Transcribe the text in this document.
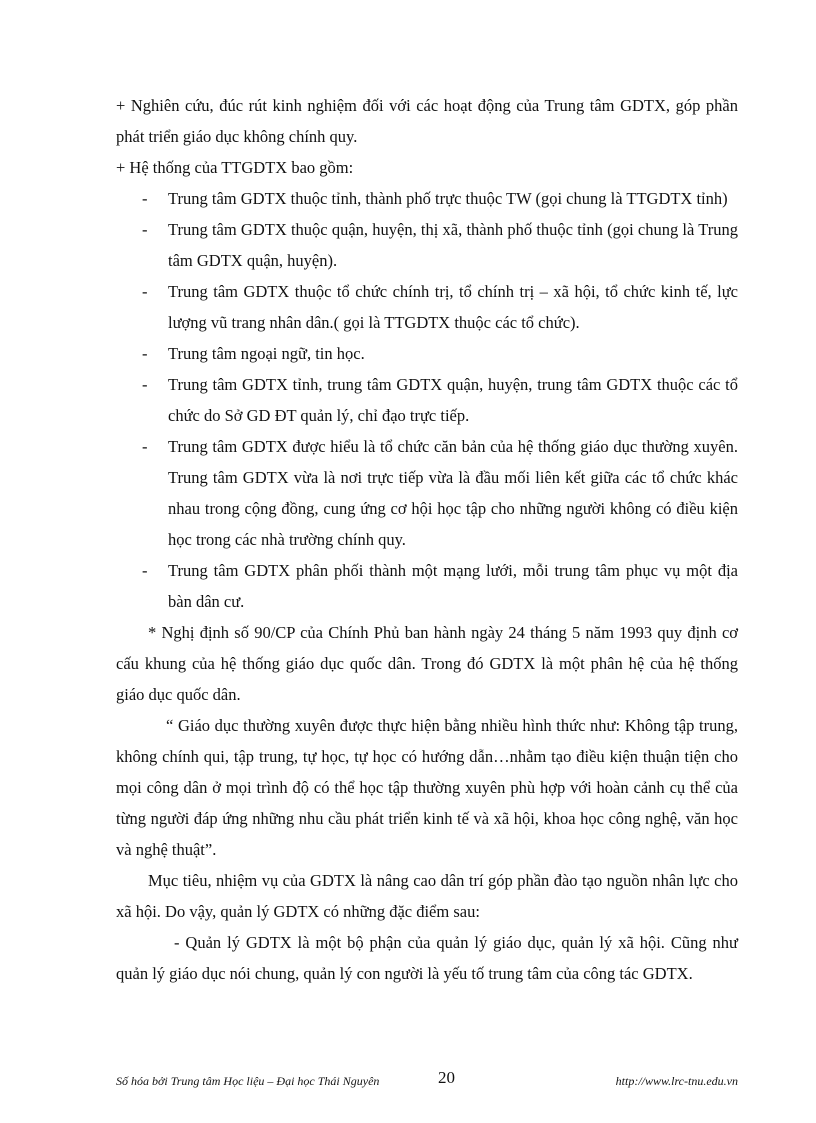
+ Nghiên cứu, đúc rút kinh nghiệm đối với các hoạt động của Trung tâm GDTX, góp phần phát triển giáo dục không chính quy.

+ Hệ thống của TTGDTX bao gồm:

- Trung tâm GDTX thuộc tỉnh, thành phố trực thuộc TW (gọi chung là TTGDTX tỉnh)
- Trung tâm GDTX thuộc quận, huyện, thị xã, thành phố thuộc tỉnh (gọi chung là Trung tâm GDTX quận, huyện).
- Trung tâm GDTX thuộc tổ chức chính trị, tổ chính trị – xã hội, tổ chức kinh tế, lực lượng vũ trang nhân dân.( gọi là TTGDTX thuộc các tổ chức).
- Trung tâm ngoại ngữ, tin học.
- Trung tâm GDTX tỉnh, trung tâm GDTX quận, huyện, trung tâm GDTX thuộc các tổ chức do Sở GD ĐT quản lý, chỉ đạo trực tiếp.
- Trung tâm GDTX được hiểu là tổ chức căn bản của hệ thống giáo dục thường xuyên. Trung tâm GDTX vừa là nơi trực tiếp vừa là đầu mối liên kết giữa các tổ chức khác nhau trong cộng đồng, cung ứng cơ hội học tập cho những người không có điều kiện học trong các nhà trường chính quy.
- Trung tâm GDTX phân phối thành một mạng lưới, mỗi trung tâm phục vụ một địa bàn dân cư.

* Nghị định số 90/CP của Chính Phủ ban hành ngày 24 tháng 5 năm 1993 quy định cơ cấu khung của hệ thống giáo dục quốc dân. Trong đó GDTX là một phân hệ của hệ thống giáo dục quốc dân.

“ Giáo dục thường xuyên được thực hiện bằng nhiều hình thức như: Không tập trung, không chính qui, tập trung, tự học, tự học có hướng dẫn…nhằm tạo điều kiện thuận tiện cho mọi công dân ở mọi trình độ có thể học tập thường xuyên phù hợp với hoàn cảnh cụ thể của từng người đáp ứng những nhu cầu phát triển kinh tế và xã hội, khoa học công nghệ, văn học và nghệ thuật”.

Mục tiêu, nhiệm vụ của GDTX là nâng cao dân trí góp phần đào tạo nguồn nhân lực cho xã hội. Do vậy, quản lý GDTX có những đặc điểm sau:

- Quản lý GDTX là một bộ phận của quản lý giáo dục, quản lý xã hội. Cũng như quản lý giáo dục nói chung, quản lý con người là yếu tố trung tâm của công tác GDTX.

Số hóa bởi Trung tâm Học liệu – Đại học Thái Nguyên	20	http://www.lrc-tnu.edu.vn
